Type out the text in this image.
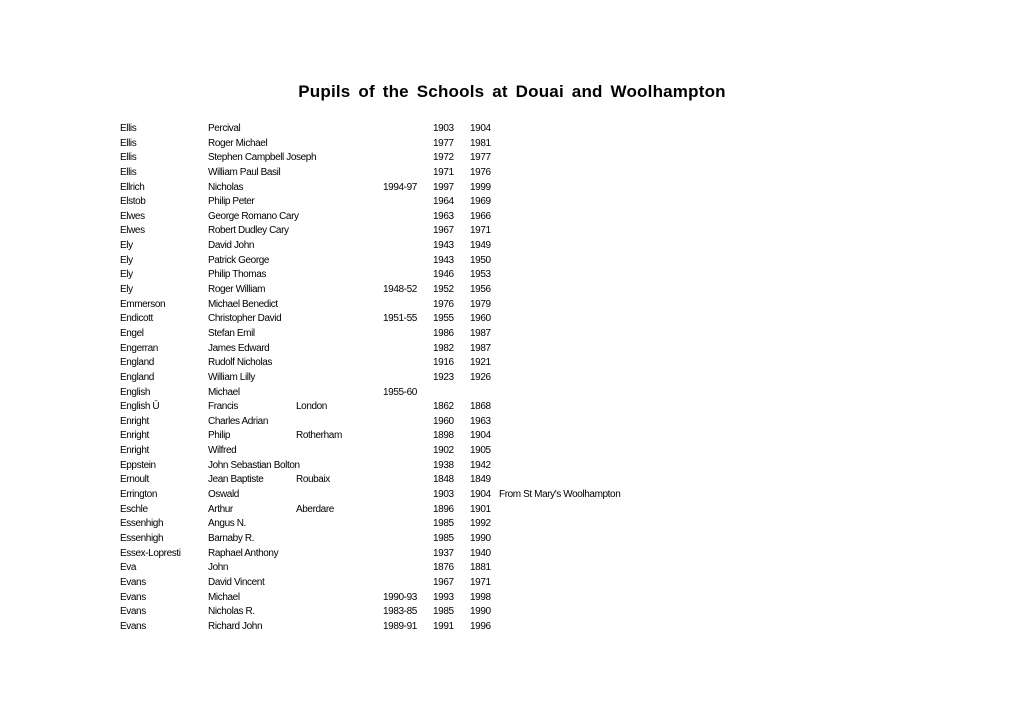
Pupils of the Schools at Douai and Woolhampton
Ellis	Percival	1903 1904
Ellis	Roger Michael	1977 1981
Ellis	Stephen Campbell Joseph	1972 1977
Ellis	William Paul Basil	1971 1976
Ellrich	Nicholas	1994-97 1997 1999
Elstob	Philip Peter	1964 1969
Elwes	George Romano Cary	1963 1966
Elwes	Robert Dudley Cary	1967 1971
Ely	David John	1943 1949
Ely	Patrick George	1943 1950
Ely	Philip Thomas	1946 1953
Ely	Roger William	1948-52 1952 1956
Emmerson	Michael Benedict	1976 1979
Endicott	Christopher David	1951-55 1955 1960
Engel	Stefan Emil	1986 1987
Engerran	James Edward	1982 1987
England	Rudolf Nicholas	1916 1921
England	William Lilly	1923 1926
English	Michael	1955-60
English Ū	Francis	London	1862 1868
Enright	Charles Adrian	1960 1963
Enright	Philip	Rotherham	1898 1904
Enright	Wilfred	1902 1905
Eppstein	John Sebastian Bolton	1938 1942
Ernoult	Jean Baptiste	Roubaix	1848 1849
Errington	Oswald	1903 1904 From St Mary's Woolhampton
Eschle	Arthur	Aberdare	1896 1901
Essenhigh	Angus N.	1985 1992
Essenhigh	Barnaby R.	1985 1990
Essex-Lopresti	Raphael Anthony	1937 1940
Eva	John	1876 1881
Evans	David Vincent	1967 1971
Evans	Michael	1990-93 1993 1998
Evans	Nicholas R.	1983-85 1985 1990
Evans	Richard John	1989-91 1991 1996
